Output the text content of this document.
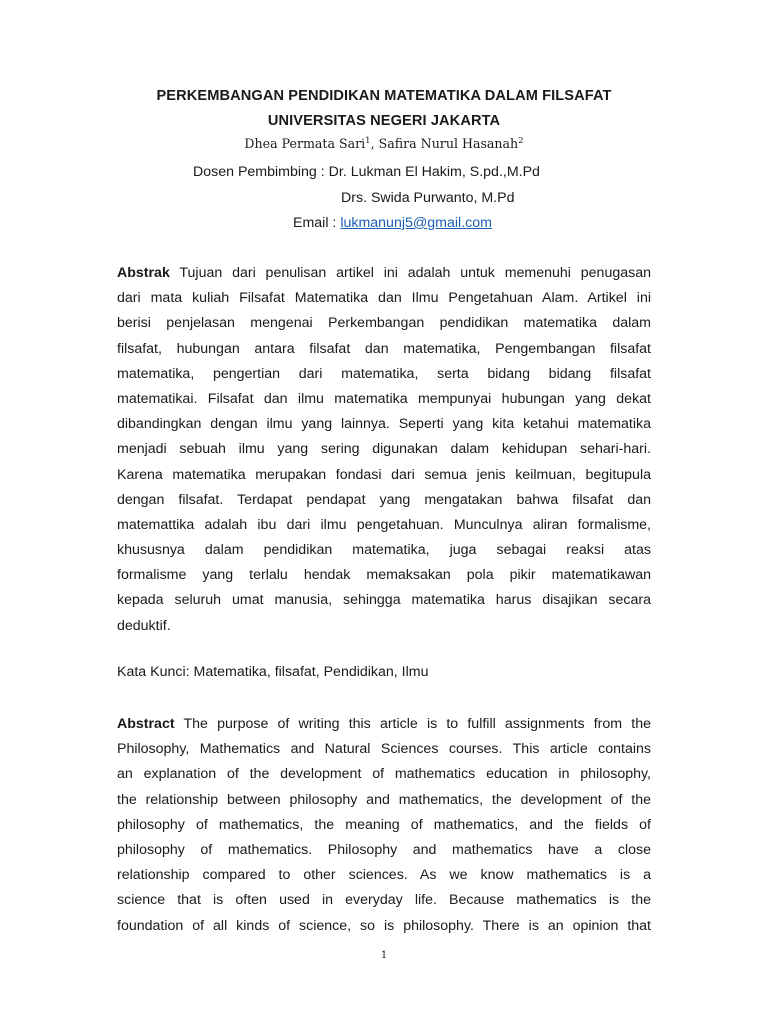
PERKEMBANGAN PENDIDIKAN MATEMATIKA DALAM FILSAFAT
UNIVERSITAS NEGERI JAKARTA
Dhea Permata Sari$^1$, Safira Nurul Hasanah$^2$
Dosen Pembimbing : Dr. Lukman El Hakim, S.pd.,M.Pd
Drs. Swida Purwanto, M.Pd
Email : lukmanunj5@gmail.com
Abstrak Tujuan dari penulisan artikel ini adalah untuk memenuhi penugasan
dari mata kuliah Filsafat Matematika dan Ilmu Pengetahuan Alam. Artikel ini
berisi penjelasan mengenai Perkembangan pendidikan matematika dalam
filsafat, hubungan antara filsafat dan matematika, Pengembangan filsafat
matematika, pengertian dari matematika, serta bidang bidang filsafat
matematikai. Filsafat dan ilmu matematika mempunyai hubungan yang dekat
dibandingkan dengan ilmu yang lainnya. Seperti yang kita ketahui matematika
menjadi sebuah ilmu yang sering digunakan dalam kehidupan sehari-hari.
Karena matematika merupakan fondasi dari semua jenis keilmuan, begitupula
dengan filsafat. Terdapat pendapat yang mengatakan bahwa filsafat dan
matemattika adalah ibu dari ilmu pengetahuan. Munculnya aliran formalisme,
khususnya dalam pendidikan matematika, juga sebagai reaksi atas
formalisme yang terlalu hendak memaksakan pola pikir matematikawan
kepada seluruh umat manusia, sehingga matematika harus disajikan secara
deduktif.
Kata Kunci: Matematika, filsafat, Pendidikan, Ilmu
Abstract The purpose of writing this article is to fulfill assignments from the
Philosophy, Mathematics and Natural Sciences courses. This article contains
an explanation of the development of mathematics education in philosophy,
the relationship between philosophy and mathematics, the development of the
philosophy of mathematics, the meaning of mathematics, and the fields of
philosophy of mathematics. Philosophy and mathematics have a close
relationship compared to other sciences. As we know mathematics is a
science that is often used in everyday life. Because mathematics is the
foundation of all kinds of science, so is philosophy. There is an opinion that
1
